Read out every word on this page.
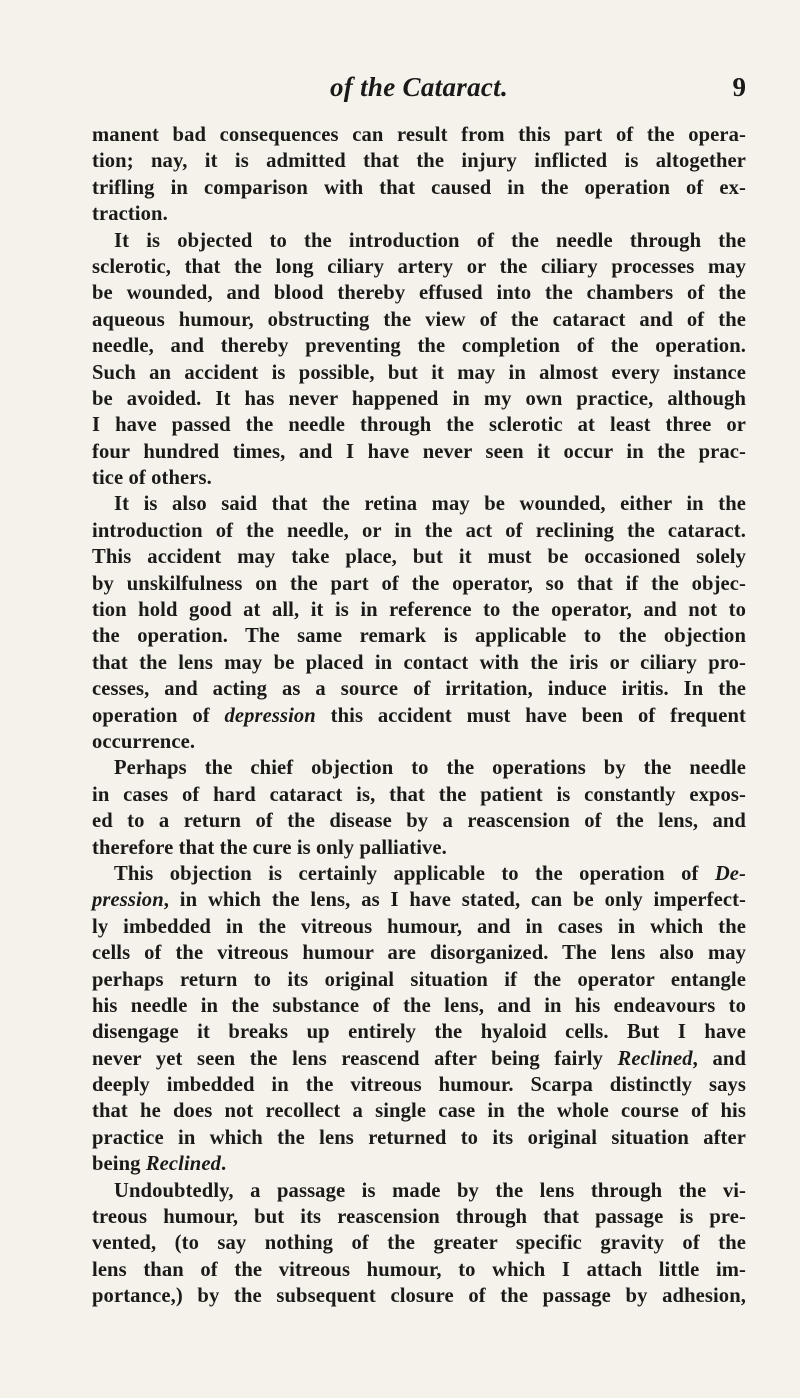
of the Cataract.	9
manent bad consequences can result from this part of the opera-
tion; nay, it is admitted that the injury inflicted is altogether
trifling in comparison with that caused in the operation of ex-
traction.
It is objected to the introduction of the needle through the
sclerotic, that the long ciliary artery or the ciliary processes may
be wounded, and blood thereby effused into the chambers of the
aqueous humour, obstructing the view of the cataract and of the
needle, and thereby preventing the completion of the operation.
Such an accident is possible, but it may in almost every instance
be avoided. It has never happened in my own practice, although
I have passed the needle through the sclerotic at least three or
four hundred times, and I have never seen it occur in the prac-
tice of others.
It is also said that the retina may be wounded, either in the
introduction of the needle, or in the act of reclining the cataract.
This accident may take place, but it must be occasioned solely
by unskilfulness on the part of the operator, so that if the objec-
tion hold good at all, it is in reference to the operator, and not to
the operation. The same remark is applicable to the objection
that the lens may be placed in contact with the iris or ciliary pro-
cesses, and acting as a source of irritation, induce iritis. In the
operation of depression this accident must have been of frequent
occurrence.
Perhaps the chief objection to the operations by the needle
in cases of hard cataract is, that the patient is constantly expos-
ed to a return of the disease by a reascension of the lens, and
therefore that the cure is only palliative.
This objection is certainly applicable to the operation of De-
pression, in which the lens, as I have stated, can be only imperfect-
ly imbedded in the vitreous humour, and in cases in which the
cells of the vitreous humour are disorganized. The lens also may
perhaps return to its original situation if the operator entangle
his needle in the substance of the lens, and in his endeavours to
disengage it breaks up entirely the hyaloid cells. But I have
never yet seen the lens reascend after being fairly Reclined, and
deeply imbedded in the vitreous humour. Scarpa distinctly says
that he does not recollect a single case in the whole course of his
practice in which the lens returned to its original situation after
being Reclined.
Undoubtedly, a passage is made by the lens through the vi-
treous humour, but its reascension through that passage is pre-
vented, (to say nothing of the greater specific gravity of the
lens than of the vitreous humour, to which I attach little im-
portance,) by the subsequent closure of the passage by adhesion,
